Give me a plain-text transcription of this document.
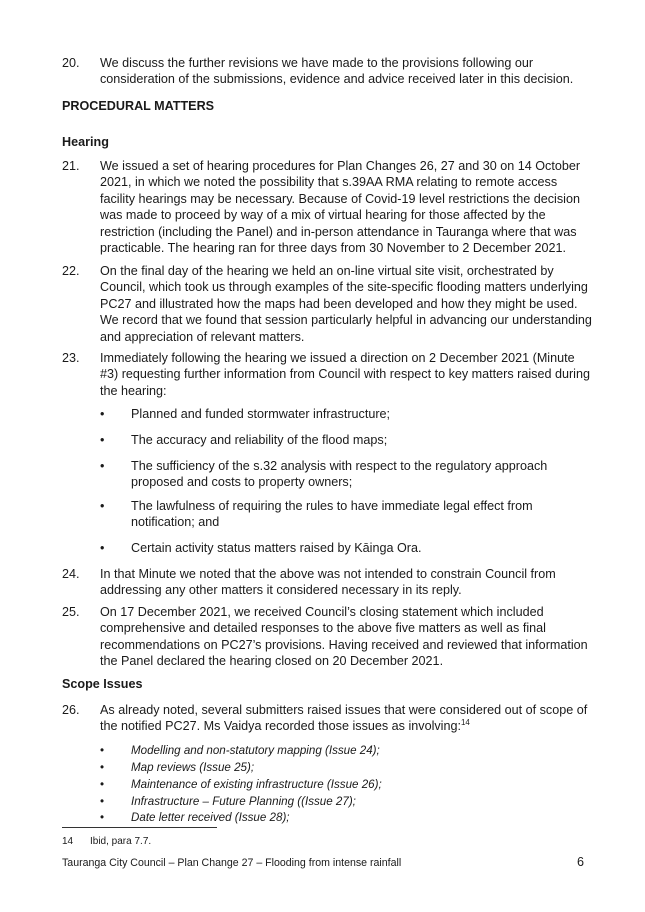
20.	We discuss the further revisions we have made to the provisions following our consideration of the submissions, evidence and advice received later in this decision.
PROCEDURAL MATTERS
Hearing
21.	We issued a set of hearing procedures for Plan Changes 26, 27 and 30 on 14 October 2021, in which we noted the possibility that s.39AA RMA relating to remote access facility hearings may be necessary. Because of Covid-19 level restrictions the decision was made to proceed by way of a mix of virtual hearing for those affected by the restriction (including the Panel) and in-person attendance in Tauranga where that was practicable. The hearing ran for three days from 30 November to 2 December 2021.
22.	On the final day of the hearing we held an on-line virtual site visit, orchestrated by Council, which took us through examples of the site-specific flooding matters underlying PC27 and illustrated how the maps had been developed and how they might be used. We record that we found that session particularly helpful in advancing our understanding and appreciation of relevant matters.
23.	Immediately following the hearing we issued a direction on 2 December 2021 (Minute #3) requesting further information from Council with respect to key matters raised during the hearing:
•	Planned and funded stormwater infrastructure;
•	The accuracy and reliability of the flood maps;
•	The sufficiency of the s.32 analysis with respect to the regulatory approach proposed and costs to property owners;
•	The lawfulness of requiring the rules to have immediate legal effect from notification; and
•	Certain activity status matters raised by Kāinga Ora.
24.	In that Minute we noted that the above was not intended to constrain Council from addressing any other matters it considered necessary in its reply.
25.	On 17 December 2021, we received Council’s closing statement which included comprehensive and detailed responses to the above five matters as well as final recommendations on PC27’s provisions. Having received and reviewed that information the Panel declared the hearing closed on 20 December 2021.
Scope Issues
26.	As already noted, several submitters raised issues that were considered out of scope of the notified PC27. Ms Vaidya recorded those issues as involving:$^{14}$
• Modelling and non-statutory mapping (Issue 24);
• Map reviews (Issue 25);
• Maintenance of existing infrastructure (Issue 26);
• Infrastructure – Future Planning ((Issue 27);
• Date letter received (Issue 28);
14 Ibid, para 7.7.
Tauranga City Council – Plan Change 27 – Flooding from intense rainfall	6
